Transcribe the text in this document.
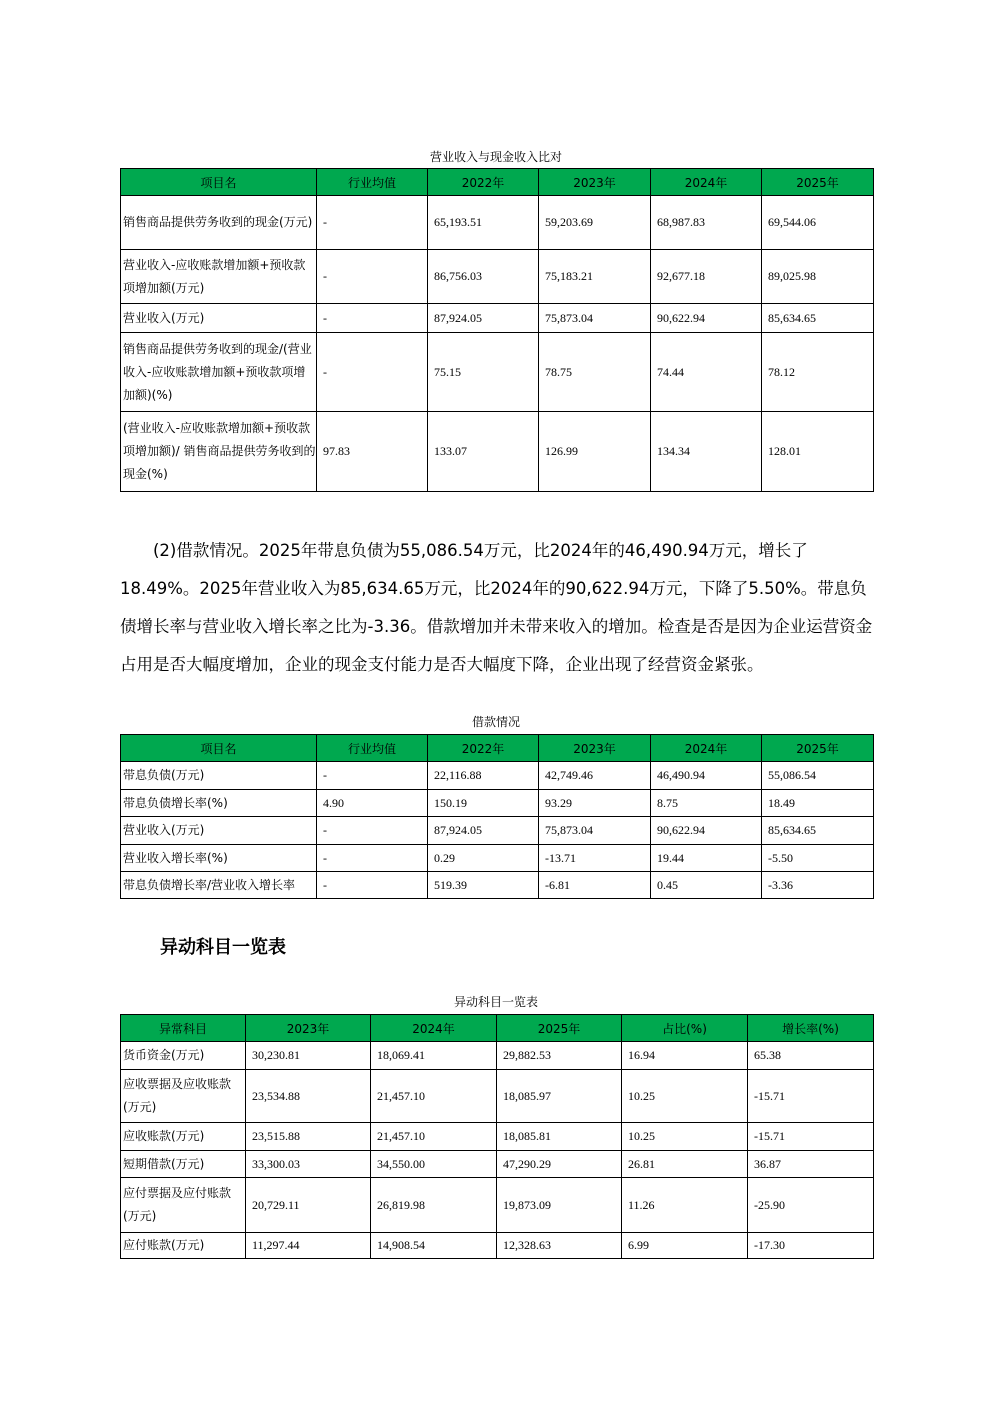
营业收入与现金收入比对
项目名	行业均值	2022年	2023年	2024年	2025年
销售商品提供劳务收到的现金(万元)	-	65,193.51	59,203.69	68,987.83	69,544.06
营业收入-应收账款增加额+预收款项增加额(万元)	-	86,756.03	75,183.21	92,677.18	89,025.98
营业收入(万元)	-	87,924.05	75,873.04	90,622.94	85,634.65
销售商品提供劳务收到的现金/(营业收入-应收账款增加额+预收款项增加额)(%)	-	75.15	78.75	74.44	78.12
(营业收入-应收账款增加额+预收款项增加额)/ 销售商品提供劳务收到的现金(%)	97.83	133.07	126.99	134.34	128.01

(2)借款情况。2025年带息负债为55,086.54万元，比2024年的46,490.94万元，增长了18.49%。2025年营业收入为85,634.65万元，比2024年的90,622.94万元，下降了5.50%。带息负债增长率与营业收入增长率之比为-3.36。借款增加并未带来收入的增加。检查是否是因为企业运营资金占用是否大幅度增加，企业的现金支付能力是否大幅度下降，企业出现了经营资金紧张。

借款情况
项目名	行业均值	2022年	2023年	2024年	2025年
带息负债(万元)	-	22,116.88	42,749.46	46,490.94	55,086.54
带息负债增长率(%)	4.90	150.19	93.29	8.75	18.49
营业收入(万元)	-	87,924.05	75,873.04	90,622.94	85,634.65
营业收入增长率(%)	-	0.29	-13.71	19.44	-5.50
带息负债增长率/营业收入增长率	-	519.39	-6.81	0.45	-3.36
异动科目一览表
异动科目一览表
异常科目	2023年	2024年	2025年	占比(%)	增长率(%)
货币资金(万元)	30,230.81	18,069.41	29,882.53	16.94	65.38
应收票据及应收账款(万元)	23,534.88	21,457.10	18,085.97	10.25	-15.71
应收账款(万元)	23,515.88	21,457.10	18,085.81	10.25	-15.71
短期借款(万元)	33,300.03	34,550.00	47,290.29	26.81	36.87
应付票据及应付账款(万元)	20,729.11	26,819.98	19,873.09	11.26	-25.90
应付账款(万元)	11,297.44	14,908.54	12,328.63	6.99	-17.30
